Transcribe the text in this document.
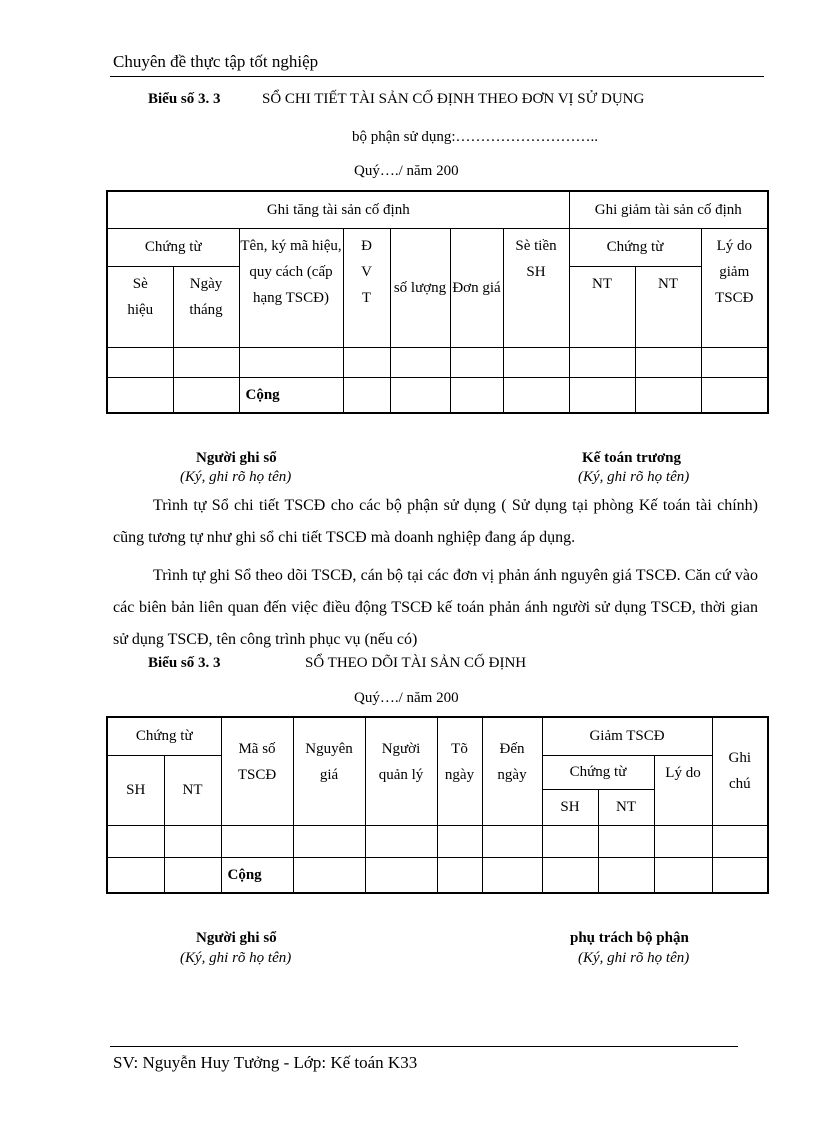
Chuyên đề thực tập tốt nghiệp
Biểu số 3. 3	SỔ CHI TIẾT TÀI SẢN CỐ ĐỊNH THEO ĐƠN VỊ SỬ DỤNG
bộ phận sử dụng:………………………..
Quý…./ năm 200
Ghi tăng tài sản cố định							Ghi giảm tài sản cố định		
Chứng từ		Tên, ký mã hiệu, quy cách (cấp hạng TSCĐ)	Đ V T	số lượng	Đơn giá	Sè tiền SH	Chứng từ		Lý do giảm TSCĐ
Sè hiệu	Ngày tháng						NT	NT	

		Cộng							
Người ghi sổ
(Ký, ghi rõ họ tên)
Kế toán trương
(Ký, ghi rõ họ tên)

Trình tự Sổ chi tiết TSCĐ cho các bộ phận sử dụng ( Sử dụng tại phòng Kế toán tài chính) cũng tương tự như ghi sổ chi tiết TSCĐ mà doanh nghiệp đang áp dụng.

Trình tự ghi Sổ theo dõi TSCĐ, cán bộ tại các đơn vị phản ánh nguyên giá TSCĐ. Căn cứ vào các biên bản liên quan đến việc điều động TSCĐ kế toán phản ánh người sử dụng TSCĐ, thời gian sử dụng TSCĐ, tên công trình phục vụ (nếu có)

Biểu số 3. 3	SỔ THEO DÕI TÀI SẢN CỐ ĐỊNH
Quý…./ năm 200
Chứng từ		Mã số TSCĐ	Nguyên giá	Người quản lý	Tõ ngày	Đến ngày	Giảm TSCĐ			Ghi chú
SH	NT						Chứng từ		Lý do	
							SH	NT		

		Cộng								
Người ghi sổ
(Ký, ghi rõ họ tên)
phụ trách bộ phận
(Ký, ghi rõ họ tên)
SV: Nguyễn Huy Tưởng - Lớp: Kế toán K33
